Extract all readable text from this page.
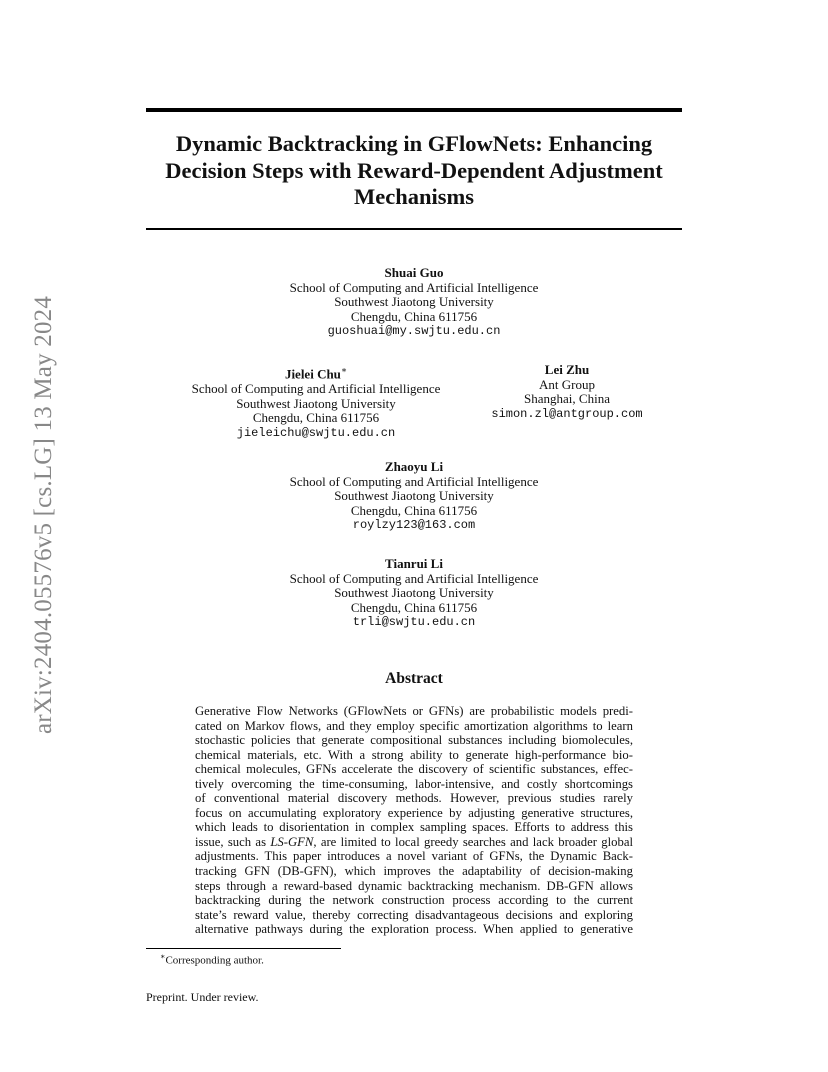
Dynamic Backtracking in GFlowNets: Enhancing
Decision Steps with Reward-Dependent Adjustment
Mechanisms
arXiv:2404.05576v5 [cs.LG] 13 May 2024
Shuai Guo
School of Computing and Artificial Intelligence
Southwest Jiaotong University
Chengdu, China 611756
guoshuai@my.swjtu.edu.cn
Jielei Chu∗
School of Computing and Artificial Intelligence
Southwest Jiaotong University
Chengdu, China 611756
jieleichu@swjtu.edu.cn
Lei Zhu
Ant Group
Shanghai, China
simon.zl@antgroup.com
Zhaoyu Li
School of Computing and Artificial Intelligence
Southwest Jiaotong University
Chengdu, China 611756
roylzy123@163.com
Tianrui Li
School of Computing and Artificial Intelligence
Southwest Jiaotong University
Chengdu, China 611756
trli@swjtu.edu.cn
Abstract
Generative Flow Networks (GFlowNets or GFNs) are probabilistic models predi-
cated on Markov flows, and they employ specific amortization algorithms to learn
stochastic policies that generate compositional substances including biomolecules,
chemical materials, etc. With a strong ability to generate high-performance bio-
chemical molecules, GFNs accelerate the discovery of scientific substances, effec-
tively overcoming the time-consuming, labor-intensive, and costly shortcomings
of conventional material discovery methods. However, previous studies rarely
focus on accumulating exploratory experience by adjusting generative structures,
which leads to disorientation in complex sampling spaces. Efforts to address this
issue, such as LS-GFN, are limited to local greedy searches and lack broader global
adjustments. This paper introduces a novel variant of GFNs, the Dynamic Back-
tracking GFN (DB-GFN), which improves the adaptability of decision-making
steps through a reward-based dynamic backtracking mechanism. DB-GFN allows
backtracking during the network construction process according to the current
state’s reward value, thereby correcting disadvantageous decisions and exploring
alternative pathways during the exploration process. When applied to generative
∗Corresponding author.
Preprint. Under review.
